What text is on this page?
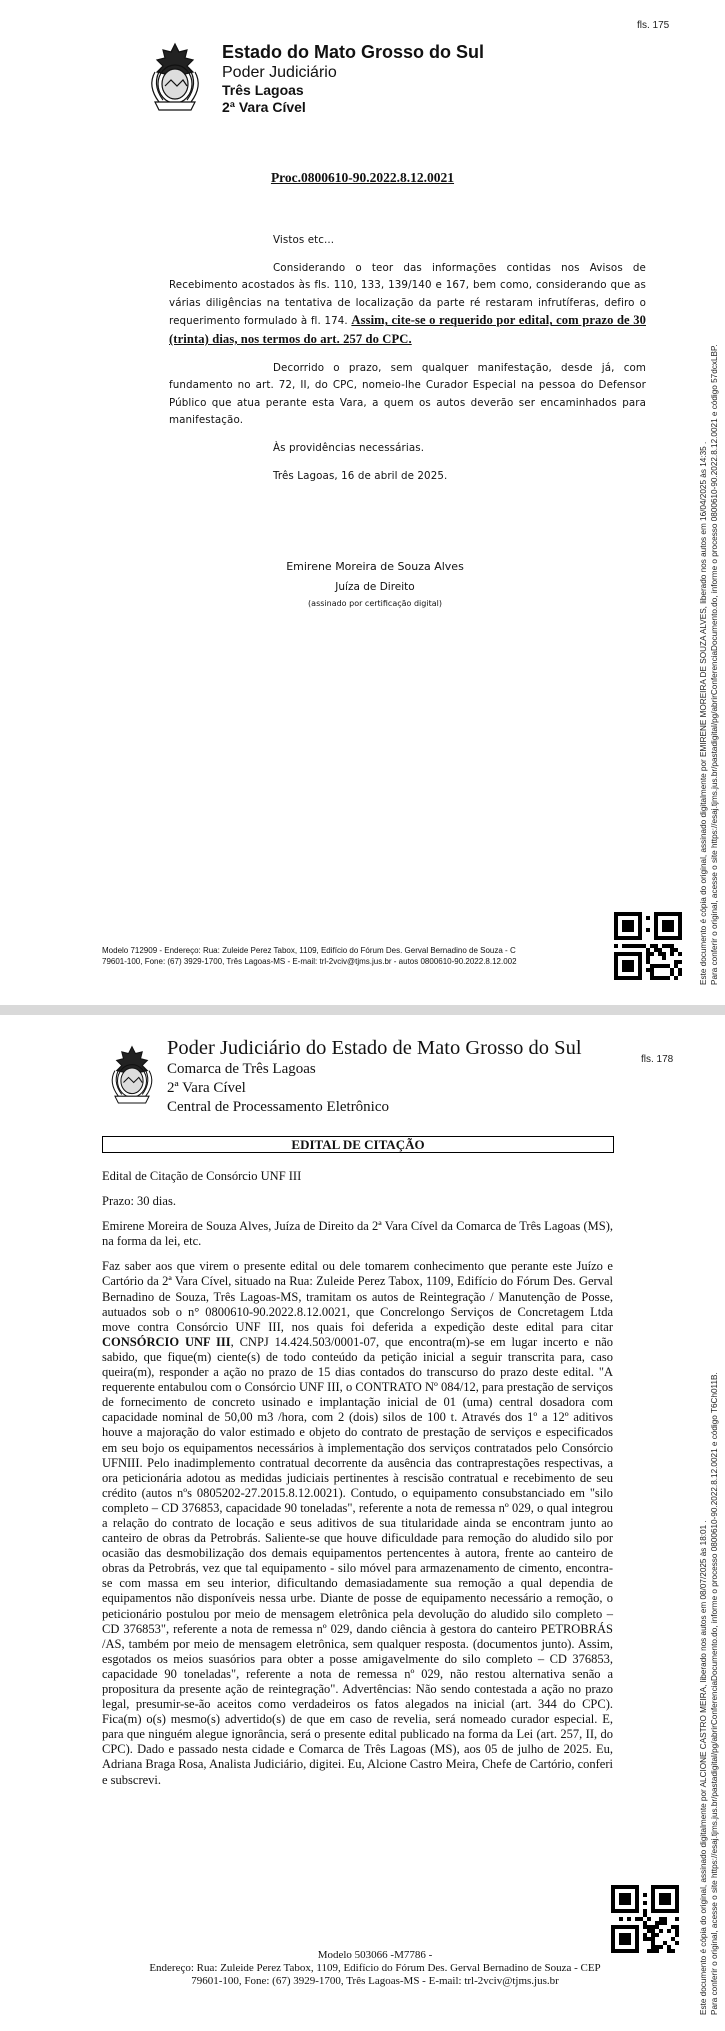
fls. 175
Estado do Mato Grosso do Sul
Poder Judiciário
Três Lagoas
2ª Vara Cível
Proc.0800610-90.2022.8.12.0021

Vistos etc...

Considerando o teor das informações contidas nos Avisos de Recebimento acostados às fls. 110, 133, 139/140 e 167, bem como, considerando que as várias diligências na tentativa de localização da parte ré restaram infrutíferas, defiro o requerimento formulado à fl. 174. Assim, cite-se o requerido por edital, com prazo de 30 (trinta) dias, nos termos do art. 257 do CPC.

Decorrido o prazo, sem qualquer manifestação, desde já, com fundamento no art. 72, II, do CPC, nomeio-lhe Curador Especial na pessoa do Defensor Público que atua perante esta Vara, a quem os autos deverão ser encaminhados para manifestação.

Às providências necessárias.

Três Lagoas, 16 de abril de 2025.

Emirene Moreira de Souza Alves
Juíza de Direito
(assinado por certificação digital)
Modelo 712909 - Endereço: Rua: Zuleide Perez Tabox, 1109, Edifício do Fórum Des. Gerval Bernadino de Souza - C
79601-100, Fone: (67) 3929-1700, Três Lagoas-MS - E-mail: trl-2vciv@tjms.jus.br - autos 0800610-90.2022.8.12.002	Este documento é cópia do original, assinado digitalmente por EMIRENE MOREIRA DE SOUZA ALVES, liberado nos autos em 16/04/2025 às 14:35 . Para conferir o original, acesse o site https://esaj.tjms.jus.br/pastadigital/pg/abrirConferenciaDocumento.do, informe o processo 0800610-90.2022.8.12.0021 e código 57dcxLBP.
fls. 178
Poder Judiciário do Estado de Mato Grosso do Sul
Comarca de Três Lagoas
2ª Vara Cível
Central de Processamento Eletrônico
EDITAL DE CITAÇÃO

Edital de Citação de Consórcio UNF III

Prazo: 30 dias.

Emirene Moreira de Souza Alves, Juíza de Direito da 2ª Vara Cível da Comarca de Três Lagoas (MS), na forma da lei, etc.

Faz saber aos que virem o presente edital ou dele tomarem conhecimento que perante este Juízo e Cartório da 2ª Vara Cível, situado na Rua: Zuleide Perez Tabox, 1109, Edifício do Fórum Des. Gerval Bernadino de Souza, Três Lagoas-MS, tramitam os autos de Reintegração / Manutenção de Posse, autuados sob o n° 0800610-90.2022.8.12.0021, que Concrelongo Serviços de Concretagem Ltda move contra Consórcio UNF III, nos quais foi deferida a expedição deste edital para citar CONSÓRCIO UNF III, CNPJ 14.424.503/0001-07, que encontra(m)-se em lugar incerto e não sabido, que fique(m) ciente(s) de todo conteúdo da petição inicial a seguir transcrita para, caso queira(m), responder a ação no prazo de 15 dias contados do transcurso do prazo deste edital. "A requerente entabulou com o Consórcio UNF III, o CONTRATO Nº 084/12, para prestação de serviços de fornecimento de concreto usinado e implantação inicial de 01 (uma) central dosadora com capacidade nominal de 50,00 m3 /hora, com 2 (dois) silos de 100 t. Através dos 1º a 12º aditivos houve a majoração do valor estimado e objeto do contrato de prestação de serviços e especificados em seu bojo os equipamentos necessários à implementação dos serviços contratados pelo Consórcio UFNIII. Pelo inadimplemento contratual decorrente da ausência das contraprestações respectivas, a ora peticionária adotou as medidas judiciais pertinentes à rescisão contratual e recebimento de seu crédito (autos nºs 0805202-27.2015.8.12.0021). Contudo, o equipamento consubstanciado em "silo completo – CD 376853, capacidade 90 toneladas", referente a nota de remessa nº 029, o qual integrou a relação do contrato de locação e seus aditivos de sua titularidade ainda se encontram junto ao canteiro de obras da Petrobrás. Saliente-se que houve dificuldade para remoção do aludido silo por ocasião das desmobilização dos demais equipamentos pertencentes à autora, frente ao canteiro de obras da Petrobrás, vez que tal equipamento - silo móvel para armazenamento de cimento, encontra-se com massa em seu interior, dificultando demasiadamente sua remoção a qual dependia de equipamentos não disponíveis nessa urbe. Diante de posse de equipamento necessário a remoção, o peticionário postulou por meio de mensagem eletrônica pela devolução do aludido silo completo – CD 376853", referente a nota de remessa nº 029, dando ciência à gestora do canteiro PETROBRÁS /AS, também por meio de mensagem eletrônica, sem qualquer resposta. (documentos junto). Assim, esgotados os meios suasórios para obter a posse amigavelmente do silo completo – CD 376853, capacidade 90 toneladas", referente a nota de remessa nº 029, não restou alternativa senão a propositura da presente ação de reintegração". Advertências: Não sendo contestada a ação no prazo legal, presumir-se-ão aceitos como verdadeiros os fatos alegados na inicial (art. 344 do CPC). Fica(m) o(s) mesmo(s) advertido(s) de que em caso de revelia, será nomeado curador especial. E, para que ninguém alegue ignorância, será o presente edital publicado na forma da Lei (art. 257, II, do CPC). Dado e passado nesta cidade e Comarca de Três Lagoas (MS), aos 05 de julho de 2025. Eu, Adriana Braga Rosa, Analista Judiciário, digitei. Eu, Alcione Castro Meira, Chefe de Cartório, conferi e subscrevi.

Modelo 503066 -M7786 -
Endereço: Rua: Zuleide Perez Tabox, 1109, Edifício do Fórum Des. Gerval Bernadino de Souza - CEP
79601-100, Fone: (67) 3929-1700, Três Lagoas-MS - E-mail: trl-2vciv@tjms.jus.br	Este documento é cópia do original, assinado digitalmente por ALCIONE CASTRO MEIRA, liberado nos autos em 08/07/2025 às 18:01 . Para conferir o original, acesse o site https://esaj.tjms.jus.br/pastadigital/pg/abrirConferenciaDocumento.do, informe o processo 0800610-90.2022.8.12.0021 e código T6Ch011B.
